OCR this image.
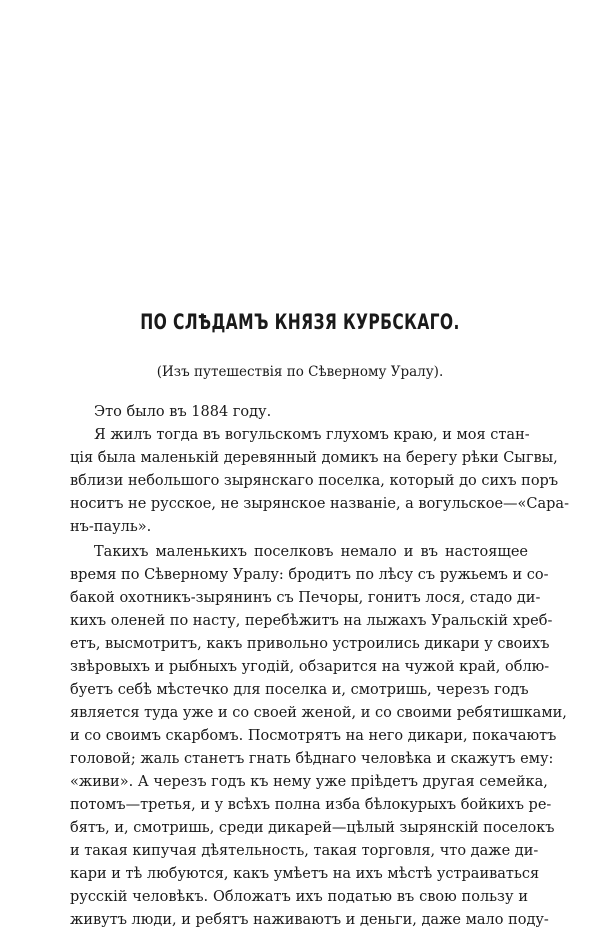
ПО СЛѢДАМЪ КНЯЗЯ КУРБСКАГО.
(Изъ путешествія по Сѣверному Уралу).
Это было въ 1884 году.
Я жилъ тогда въ вогульскомъ глухомъ краю, и моя стан-
ція была маленькій деревянный домикъ на берегу рѣки Сыгвы,
вблизи небольшого зырянскаго поселка, который до сихъ поръ
носитъ не русское, не зырянское названіе, а вогульское—«Сара-
нъ-пауль».
Такихъ маленькихъ поселковъ немало и въ настоящее
время по Сѣверному Уралу: бродитъ по лѣсу съ ружьемъ и со-
бакой охотникъ-зырянинъ съ Печоры, гонитъ лося, стадо ди-
кихъ оленей по насту, перебѣжитъ на лыжахъ Уральскій хреб-
етъ, высмотритъ, какъ привольно устроились дикари у своихъ
звѣровыхъ и рыбныхъ угодій, обзарится на чужой край, облю-
буетъ себѣ мѣстечко для поселка и, смотришь, черезъ годъ
является туда уже и со своей женой, и со своими ребятишками,
и со своимъ скарбомъ. Посмотрятъ на него дикари, покачаютъ
головой; жаль станетъ гнать бѣднаго человѣка и скажутъ ему:
«живи». А черезъ годъ къ нему уже пріѣдетъ другая семейка,
потомъ—третья, и у всѣхъ полна изба бѣлокурыхъ бойкихъ ре-
бятъ, и, смотришь, среди дикарей—цѣлый зырянскій поселокъ
и такая кипучая дѣятельность, такая торговля, что даже ди-
кари и тѣ любуются, какъ умѣетъ на ихъ мѣстѣ устраиваться
русскій человѣкъ. Обложатъ ихъ податью въ свою пользу и
живутъ люди, и ребятъ наживаютъ и деньги, даже мало поду-
